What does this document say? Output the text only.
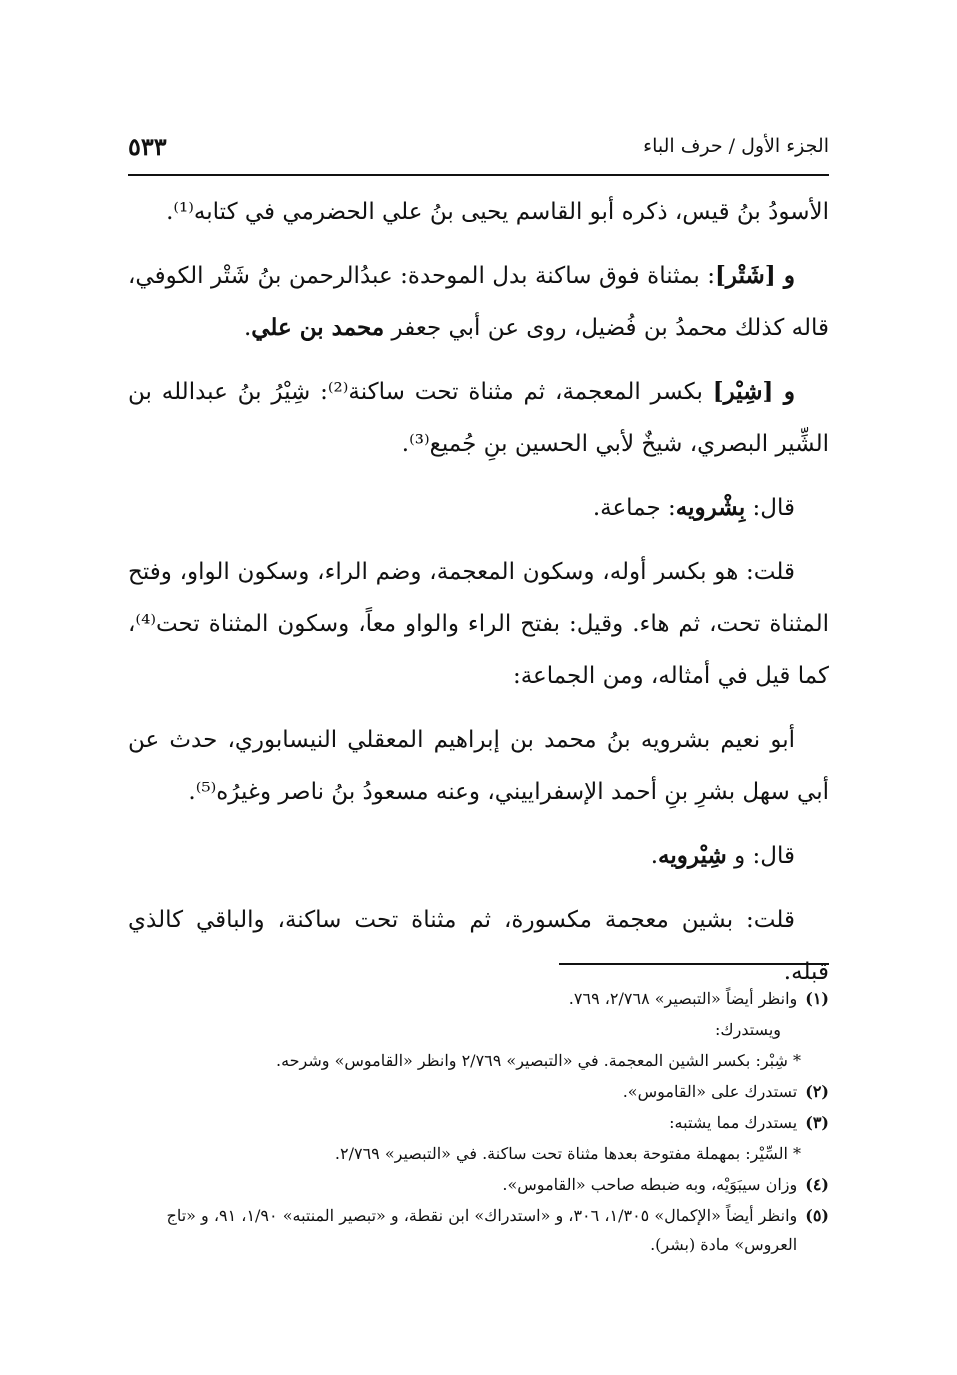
الجزء الأول / حرف الباء
٥٣٣

الأسودُ بنُ قيس، ذكره أبو القاسم يحيى بنُ علي الحضرمي في كتابه⁽¹⁾.

و [شَتْر]: بمثناة فوق ساكنة بدل الموحدة: عبدُالرحمن بنُ شَتْر الكوفي، قاله كذلك محمدُ بن فُضيل، روى عن أبي جعفر محمد بن علي.

و [شِيْر] بكسر المعجمة، ثم مثناة تحت ساكنة⁽²⁾: شِيْرُ بنُ عبدالله بن الشِّير البصري، شيخٌ لأبي الحسين بنِ جُميع⁽³⁾.

قال: بِشْرويه: جماعة.

قلت: هو بكسر أوله، وسكون المعجمة، وضم الراء، وسكون الواو، وفتح المثناة تحت، ثم هاء. وقيل: بفتح الراء والواو معاً، وسكون المثناة تحت⁽⁴⁾، كما قيل في أمثاله، ومن الجماعة:

أبو نعيم بشرويه بنُ محمد بن إبراهيم المعقلي النيسابوري، حدث عن أبي سهل بشرِ بنِ أحمد الإسفراييني، وعنه مسعودُ بنُ ناصر وغيرُه⁽⁵⁾.

قال: و شِيْرويه.

قلت: بشين معجمة مكسورة، ثم مثناة تحت ساكنة، والباقي كالذي قبله.

(١)
وانظر أيضاً «التبصير» ٢/٧٦٨، ٧٦٩.
ويستدرك:
* شِبْر: بكسر الشين المعجمة. في «التبصير» ٢/٧٦٩ وانظر «القاموس» وشرحه.
(٢)
تستدرك على «القاموس».
(٣)
يستدرك مما يشتبه:
* السِّيْر: بمهملة مفتوحة بعدها مثناة تحت ساكنة. في «التبصير» ٢/٧٦٩.
(٤)
وزان سيبَوَيْه، وبه ضبطه صاحب «القاموس».
(٥)
وانظر أيضاً «الإكمال» ١/٣٠٥، ٣٠٦، و «استدراك» ابن نقطة، و «تبصير المنتبه» ١/٩٠، ٩١، و «تاج العروس» مادة (بشر).
